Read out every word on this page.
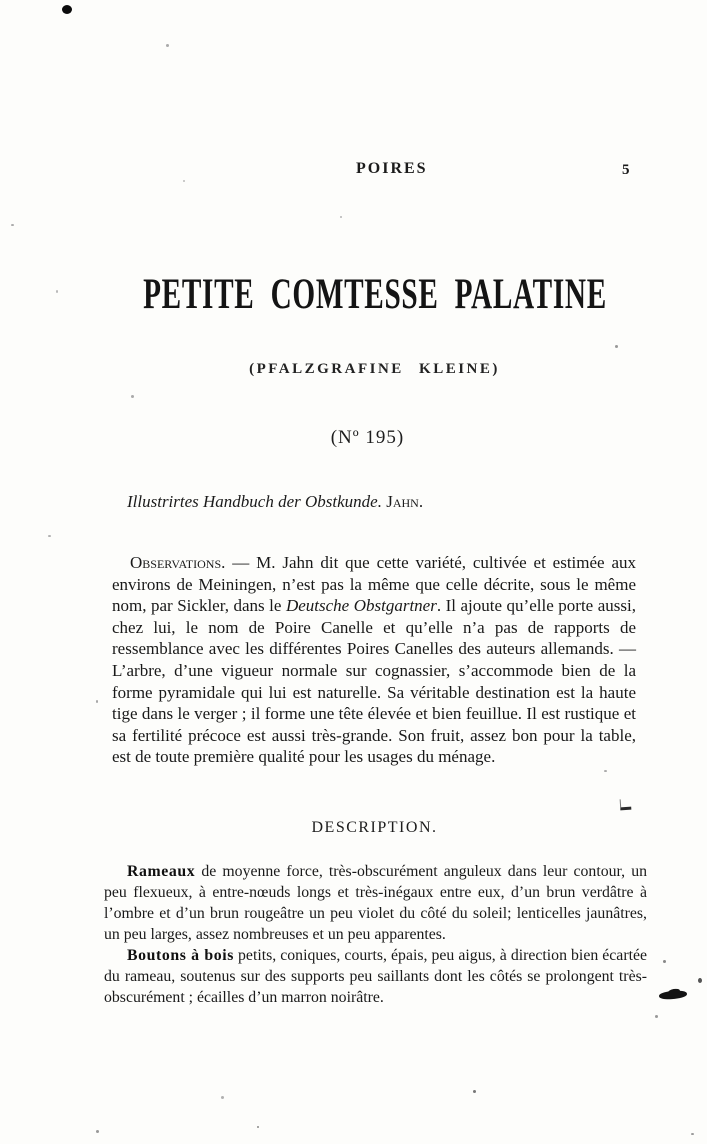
POIRES	5
PETITE COMTESSE PALATINE
(PFALZGRAFINE KLEINE)
(Nº 195)
Illustrirtes Handbuch der Obstkunde. Jahn.

Observations. — M. Jahn dit que cette variété, cultivée et estimée aux environs de Meiningen, n’est pas la même que celle décrite, sous le même nom, par Sickler, dans le Deutsche Obstgartner. Il ajoute qu’elle porte aussi, chez lui, le nom de Poire Canelle et qu’elle n’a pas de rapports de ressemblance avec les différentes Poires Canelles des auteurs allemands. — L’arbre, d’une vigueur normale sur cognassier, s’accommode bien de la forme pyramidale qui lui est naturelle. Sa véritable destination est la haute tige dans le verger ; il forme une tête élevée et bien feuillue. Il est rustique et sa fertilité précoce est aussi très-grande. Son fruit, assez bon pour la table, est de toute première qualité pour les usages du ménage.

DESCRIPTION.

Rameaux de moyenne force, très-obscurément anguleux dans leur contour, un peu flexueux, à entre-nœuds longs et très-inégaux entre eux, d’un brun verdâtre à l’ombre et d’un brun rougeâtre un peu violet du côté du soleil; lenticelles jaunâtres, un peu larges, assez nombreuses et un peu apparentes.

Boutons à bois petits, coniques, courts, épais, peu aigus, à direction bien écartée du rameau, soutenus sur des supports peu saillants dont les côtés se prolongent très-obscurément ; écailles d’un marron noirâtre.
